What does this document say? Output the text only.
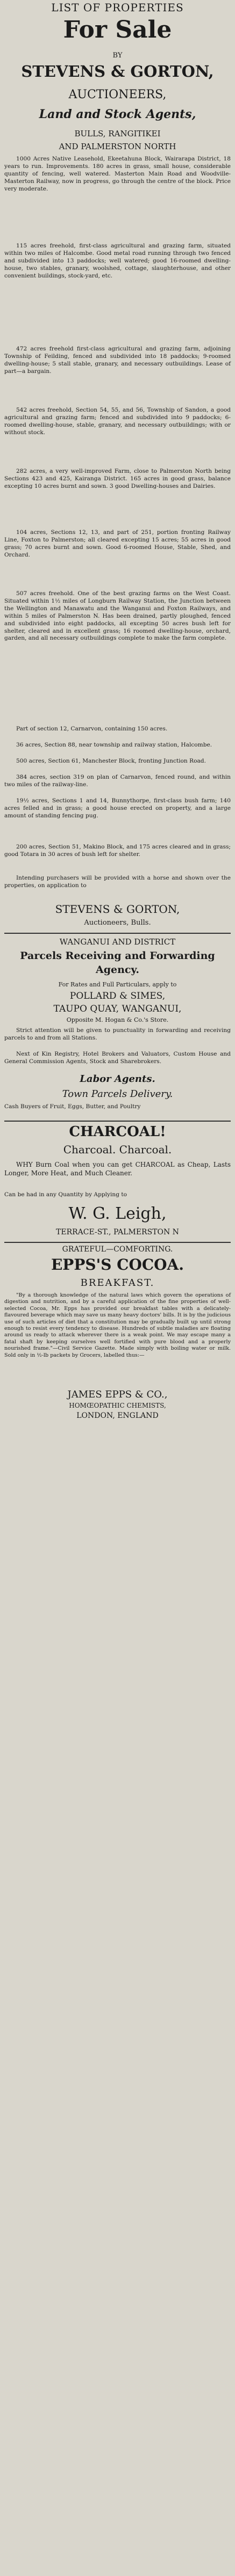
LIST OF PROPERTIES
For Sale
BY
STEVENS & GORTON,
AUCTIONEERS,
Land and Stock Agents,
BULLS, RANGITIKEI
AND PALMERSTON NORTH
1000 Acres Native Leasehold, Ekeetahuna Block, Wairarapa District, 18 years to run. Improvements. 180 acres in grass, small house, considerable quantity of fencing, well watered. Masterton Main Road and Woodville-Masterton Railway, now in progress, go through the centre of the block. Price very moderate.
115 acres freehold, first-class agricultural and grazing farm, situated within two miles of Halcombe. Good metal road running through two fenced and subdivided into 13 paddocks; well watered; good 16-roomed dwelling-house, two stables, granary, woolshed, cottage, slaughterhouse, and other convenient buildings, stock-yard, etc.
472 acres freehold first-class agricultural and grazing farm, adjoining Township of Feilding, fenced and subdivided into 18 paddocks; 9-roomed dwelling-house; 5 stall stable, granary, and necessary outbuildings. Lease of part—a bargain.
542 acres freehold, Section 54, 55, and 56, Township of Sandon, a good agricultural and grazing farm; fenced and subdivided into 9 paddocks; 6-roomed dwelling-house, stable, granary, and necessary outbuildings; with or without stock.
282 acres, a very well-improved Farm, close to Palmerston North being Sections 423 and 425, Kairanga District. 165 acres in good grass, balance excepting 10 acres burnt and sown. 3 good Dwelling-houses and Dairies.
104 acres, Sections 12, 13, and part of 251, portion fronting Railway Line, Foxton to Palmerston; all cleared excepting 15 acres; 55 acres in good grass; 70 acres burnt and sown. Good 6-roomed House, Stable, Shed, and Orchard.
507 acres freehold. One of the best grazing farms on the West Coast. Situated within 1½ miles of Longburn Railway Station, the Junction between the Wellington and Manawatu and the Wanganui and Foxton Railways, and within 5 miles of Palmerston N. Has been drained, partly ploughed, fenced and subdivided into eight paddocks, all excepting 50 acres bush left for shelter, cleared and in excellent grass; 16 roomed dwelling-house, orchard, garden, and all necessary outbuildings complete to make the farm complete.
Part of section 12, Carnarvon, containing 150 acres.
36 acres, Section 88, near township and railway station, Halcombe.
500 acres, Section 61, Manchester Block, fronting Junction Road.
384 acres, section 319 on plan of Carnarvon, fenced round, and within two miles of the railway-line.
19½ acres, Sections 1 and 14, Bunnythorpe, first-class bush farm; 140 acres felled and in grass; a good house erected on property, and a large amount of standing fencing pug.
200 acres, Section 51, Makino Block, and 175 acres cleared and in grass; good Totara in 30 acres of bush left for shelter.
Intending purchasers will be provided with a horse and shown over the properties, on application to
STEVENS & GORTON,
Auctioneers, Bulls.
WANGANUI AND DISTRICT
Parcels Receiving and Forwarding Agency.
For Rates and Full Particulars, apply to
POLLARD & SIMES,
TAUPO QUAY, WANGANUI,
Opposite M. Hogan & Co.'s Store.
Strict attention will be given to punctuality in forwarding and receiving parcels to and from all Stations.
Next of Kin Registry, Hotel Brokers and Valuators, Custom House and General Commission Agents, Stock and Sharebrokers.
Labor Agents.
Town Parcels Delivery.
Cash Buyers of Fruit, Eggs, Butter, and Poultry
CHARCOAL!
Charcoal. Charcoal.
WHY Burn Coal when you can get CHARCOAL as Cheap, Lasts Longer, More Heat, and Much Cleaner.
Can be had in any Quantity by Applying to
W. G. Leigh,
TERRACE-ST., PALMERSTON N
GRATEFUL—COMFORTING.
EPPS'S COCOA.
BREAKFAST.
"By a thorough knowledge of the natural laws which govern the operations of digestion and nutrition, and by a careful application of the fine properties of well-selected Cocoa, Mr. Epps has provided our breakfast tables with a delicately-flavoured beverage which may save us many heavy doctors' bills. It is by the judicious use of such articles of diet that a constitution may be gradually built up until strong enough to resist every tendency to disease. Hundreds of subtle maladies are floating around us ready to attack wherever there is a weak point. We may escape many a fatal shaft by keeping ourselves well fortified with pure blood and a properly nourished frame."—Civil Service Gazette. Made simply with boiling water or milk. Sold only in ½-lb packets by Grocers, labelled thus:—
JAMES EPPS & CO.,
HOMŒOPATHIC CHEMISTS,
LONDON, ENGLAND
